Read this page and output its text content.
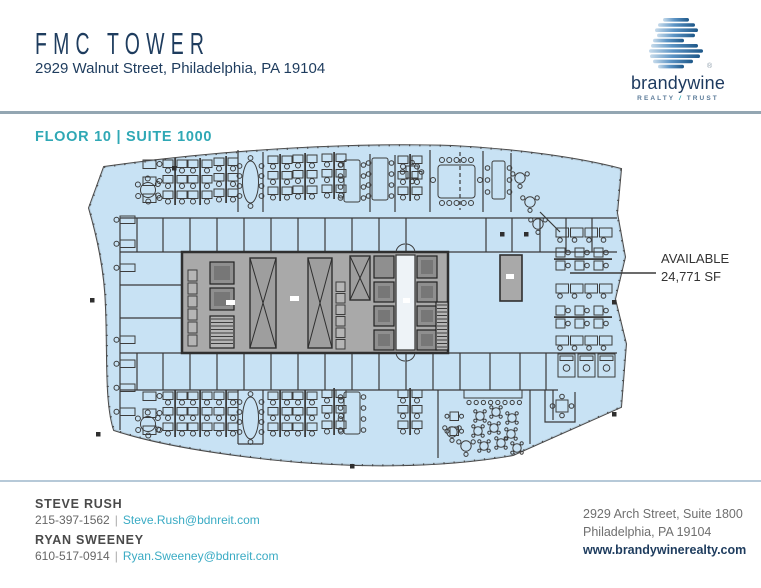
FMC TOWER
2929 Walnut Street, Philadelphia, PA 19104	®
brandywine
REALTY / TRUST
FLOOR 10 | SUITE 1000
AVAILABLE
24,771 SF
STEVE RUSH
215-397-1562 | Steve.Rush@bdnreit.com
RYAN SWEENEY
610-517-0914 | Ryan.Sweeney@bdnreit.com
2929 Arch Street, Suite 1800
Philadelphia, PA 19104
www.brandywinerealty.com
